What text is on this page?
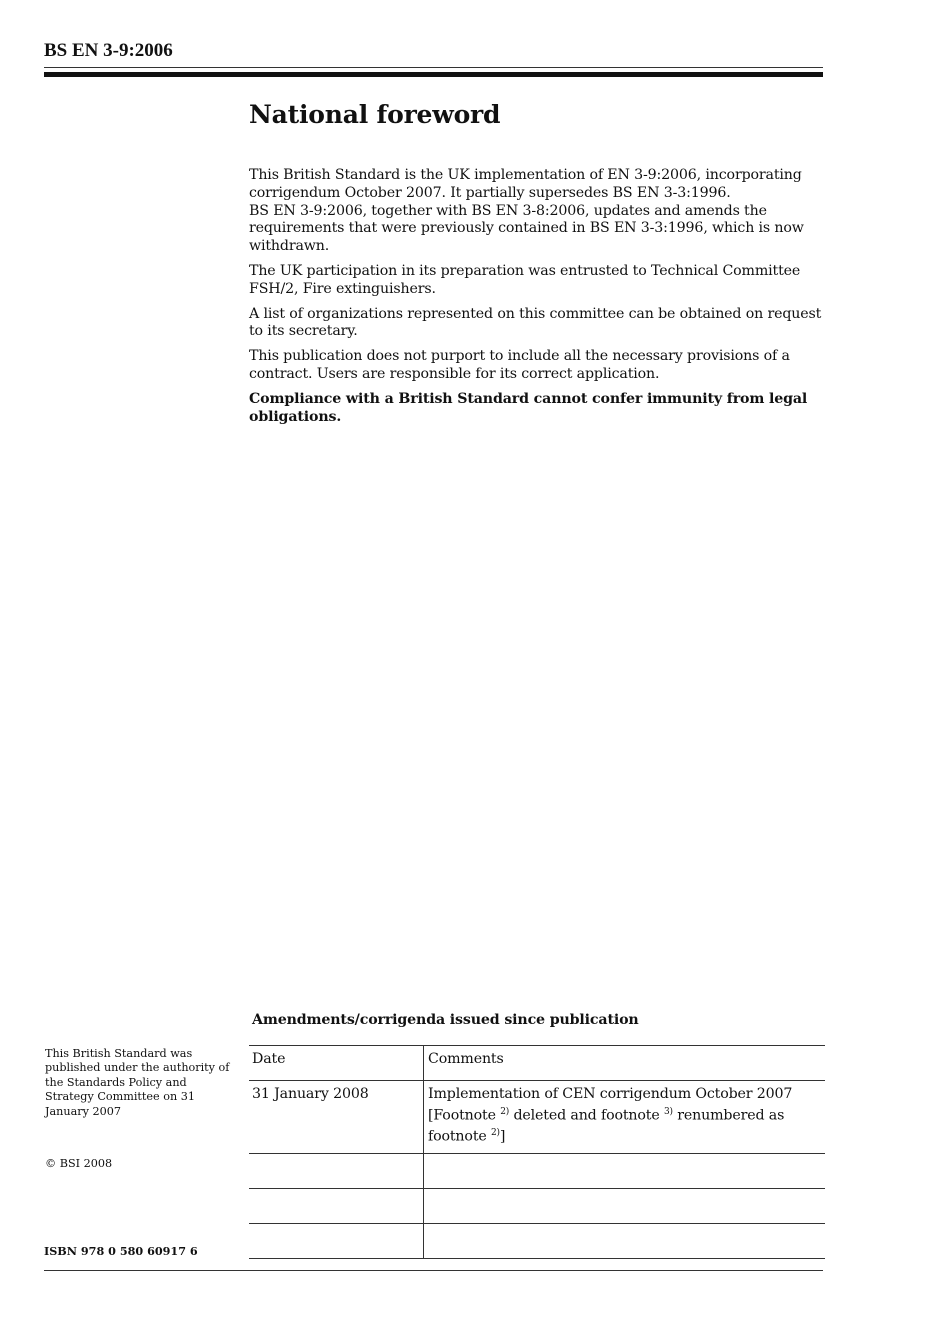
BS EN 3-9:2006
National foreword

This British Standard is the UK implementation of EN 3-9:2006, incorporating corrigendum October 2007. It partially supersedes BS EN 3-3:1996.

BS EN 3-9:2006, together with BS EN 3-8:2006, updates and amends the requirements that were previously contained in BS EN 3-3:1996, which is now withdrawn.

The UK participation in its preparation was entrusted to Technical Committee FSH/2, Fire extinguishers.

A list of organizations represented on this committee can be obtained on request to its secretary.

This publication does not purport to include all the necessary provisions of a contract. Users are responsible for its correct application.

Compliance with a British Standard cannot confer immunity from legal obligations.

Amendments/corrigenda issued since publication
Date	Comments
31 January 2008	Implementation of CEN corrigendum October 2007
[Footnote $^{2)}$ deleted and footnote $^{3)}$ renumbered as footnote $^{2)}$]

This British Standard was published under the authority of the Standards Policy and Strategy Committee on 31 January 2007
© BSI 2008
ISBN 978 0 580 60917 6
